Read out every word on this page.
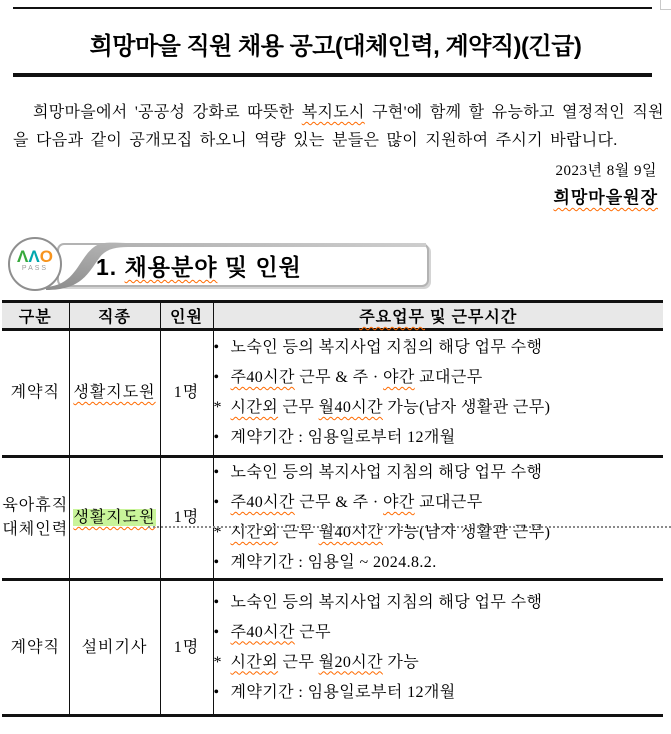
희망마을 직원 채용 공고(대체인력, 계약직)(긴급)
희망마을에서 '공공성 강화로 따뜻한 복지도시 구현'에 함께 할 유능하고 열정적인 직원
을 다음과 같이 공개모집 하오니 역량 있는 분들은 많이 지원하여 주시기 바랍니다.
2023년 8월 9일
희망마을원장
ΛΛO
PASS	1. 채용분야 및 인원
구분	직종	인원	주요업무 및 근무시간
계약직	생활지도원	1명	
• 노숙인 등의 복지사업 지침의 해당 업무 수행
• 주40시간 근무 & 주 · 야간 교대근무
* 시간외 근무 월40시간 가능(남자 생활관 근무)
• 계약기간 : 임용일로부터 12개월

육아휴직 대체인력	생활지도원	1명	
• 노숙인 등의 복지사업 지침의 해당 업무 수행
• 주40시간 근무 & 주 · 야간 교대근무
* 시간외 근무 월40시간 가능(남자 생활관 근무)
• 계약기간 : 임용일 ~ 2024.8.2.

계약직	설비기사	1명	
• 노숙인 등의 복지사업 지침의 해당 업무 수행
• 주40시간 근무
* 시간외 근무 월20시간 가능
• 계약기간 : 임용일로부터 12개월
